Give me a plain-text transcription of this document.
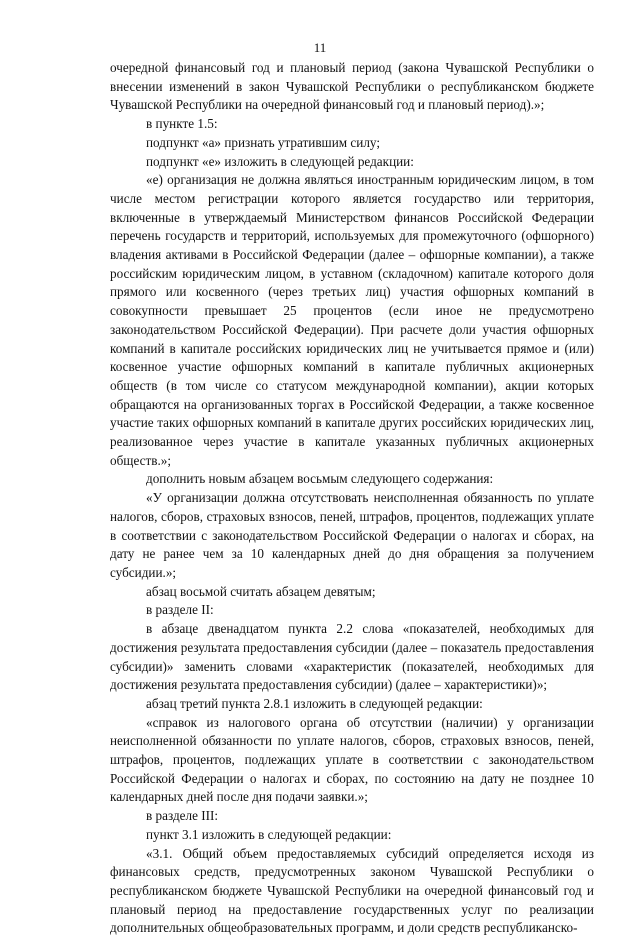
11

очередной финансовый год и плановый период (закона Чувашской Республики о внесении изменений в закон Чувашской Республики о республиканском бюджете Чувашской Республики на очередной финансовый год и плановый период).»;

в пункте 1.5:

подпункт «а» признать утратившим силу;

подпункт «е» изложить в следующей редакции:

«е) организация не должна являться иностранным юридическим лицом, в том числе местом регистрации которого является государство или территория, включенные в утверждаемый Министерством финансов Российской Федерации перечень государств и территорий, используемых для промежуточного (офшорного) владения активами в Российской Федерации (далее – офшорные компании), а также российским юридическим лицом, в уставном (складочном) капитале которого доля прямого или косвенного (через третьих лиц) участия офшорных компаний в совокупности превышает 25 процентов (если иное не предусмотрено законодательством Российской Федерации). При расчете доли участия офшорных компаний в капитале российских юридических лиц не учитывается прямое и (или) косвенное участие офшорных компаний в капитале публичных акционерных обществ (в том числе со статусом международной компании), акции которых обращаются на организованных торгах в Российской Федерации, а также косвенное участие таких офшорных компаний в капитале других российских юридических лиц, реализованное через участие в капитале указанных публичных акционерных обществ.»;

дополнить новым абзацем восьмым следующего содержания:

«У организации должна отсутствовать неисполненная обязанность по уплате налогов, сборов, страховых взносов, пеней, штрафов, процентов, подлежащих уплате в соответствии с законодательством Российской Федерации о налогах и сборах, на дату не ранее чем за 10 календарных дней до дня обращения за получением субсидии.»;

абзац восьмой считать абзацем девятым;

в разделе II:

в абзаце двенадцатом пункта 2.2 слова «показателей, необходимых для достижения результата предоставления субсидии (далее – показатель предоставления субсидии)» заменить словами «характеристик (показателей, необходимых для достижения результата предоставления субсидии) (далее – характеристики)»;

абзац третий пункта 2.8.1 изложить в следующей редакции:

«справок из налогового органа об отсутствии (наличии) у организации неисполненной обязанности по уплате налогов, сборов, страховых взносов, пеней, штрафов, процентов, подлежащих уплате в соответствии с законодательством Российской Федерации о налогах и сборах, по состоянию на дату не позднее 10 календарных дней после дня подачи заявки.»;

в разделе III:

пункт 3.1 изложить в следующей редакции:

«3.1. Общий объем предоставляемых субсидий определяется исходя из финансовых средств, предусмотренных законом Чувашской Республики о республиканском бюджете Чувашской Республики на очередной финансовый год и плановый период на предоставление государственных услуг по реализации дополнительных общеобразовательных программ, и доли средств республиканско-
